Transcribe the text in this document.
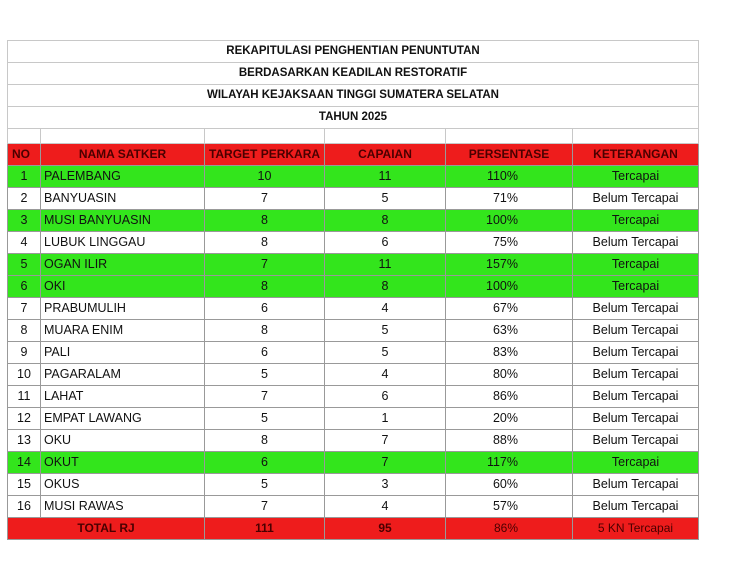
REKAPITULASI PENGHENTIAN PENUNTUTAN					
BERDASARKAN KEADILAN RESTORATIF					
WILAYAH KEJAKSAAN TINGGI SUMATERA SELATAN					
TAHUN 2025					

NO	NAMA SATKER	TARGET PERKARA	CAPAIAN	PERSENTASE	KETERANGAN
1	PALEMBANG	10	11	110%	Tercapai
2	BANYUASIN	7	5	71%	Belum Tercapai
3	MUSI BANYUASIN	8	8	100%	Tercapai
4	LUBUK LINGGAU	8	6	75%	Belum Tercapai
5	OGAN ILIR	7	11	157%	Tercapai
6	OKI	8	8	100%	Tercapai
7	PRABUMULIH	6	4	67%	Belum Tercapai
8	MUARA ENIM	8	5	63%	Belum Tercapai
9	PALI	6	5	83%	Belum Tercapai
10	PAGARALAM	5	4	80%	Belum Tercapai
11	LAHAT	7	6	86%	Belum Tercapai
12	EMPAT LAWANG	5	1	20%	Belum Tercapai
13	OKU	8	7	88%	Belum Tercapai
14	OKUT	6	7	117%	Tercapai
15	OKUS	5	3	60%	Belum Tercapai
16	MUSI RAWAS	7	4	57%	Belum Tercapai
TOTAL RJ		111	95	86%	5 KN Tercapai
